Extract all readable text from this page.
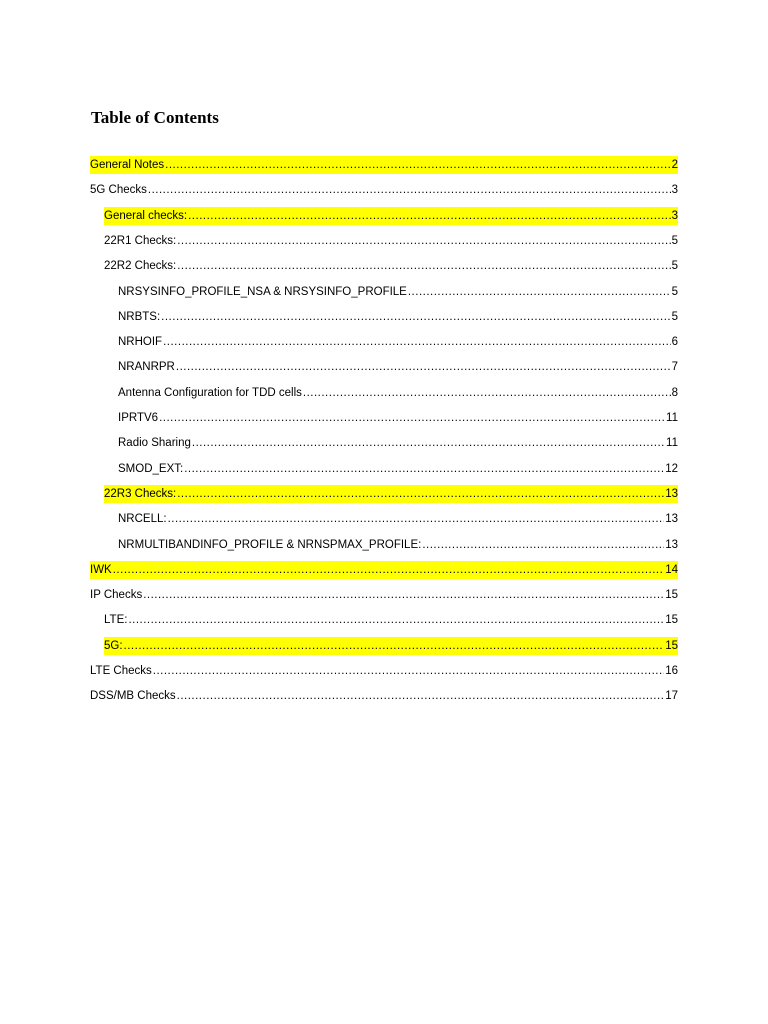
Table of Contents
General Notes .....	2
5G Checks .....	3
General checks: .....	3
22R1 Checks: .....	5
22R2 Checks: .....	5
NRSYSINFO_PROFILE_NSA & NRSYSINFO_PROFILE .....	5
NRBTS: .....	5
NRHOIF .....	6
NRANRPR .....	7
Antenna Configuration for TDD cells .....	8
IPRTV6 .....	11
Radio Sharing .....	11
SMOD_EXT: .....	12
22R3 Checks: .....	13
NRCELL: .....	13
NRMULTIBANDINFO_PROFILE & NRNSPMAX_PROFILE: .....	13
IWK .....	14
IP Checks .....	15
LTE: .....	15
5G: .....	15
LTE Checks .....	16
DSS/MB Checks .....	17
